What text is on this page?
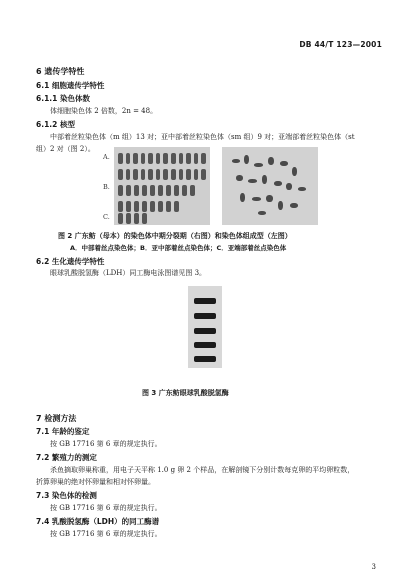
DB 44/T 123—2001
6 遗传学特性
6.1 细胞遗传学特性
6.1.1 染色体数
体细胞染色体 2 倍数，2n = 48。
6.1.2 核型
中部着丝粒染色体（m 组）13 对；亚中部着丝粒染色体（sm 组）9 对；亚端部着丝粒染色体（st
组）2 对（图 2）。
A.
B.
C.
图 2 广东鲂（母本）的染色体中期分裂期（右图）和染色体组成型（左图）
A．中部着丝点染色体；B．亚中部着丝点染色体；C．亚端部着丝点染色体
6.2 生化遗传学特性
眼球乳酸脱氢酶（LDH）同工酶电泳图谱见图 3。
图 3 广东鲂眼球乳酸脱氢酶
7 检测方法
7.1 年龄的鉴定
按 GB 17716 第 6 章的规定执行。
7.2 繁殖力的测定
杀鱼摘取卵巢称重，用电子天平称 1.0 g 卵 2 个样品，在解剖镜下分别计数每克卵的平均卵粒数，
折算卵巢的绝对怀卵量和相对怀卵量。
7.3 染色体的检测
按 GB 17716 第 6 章的规定执行。
7.4 乳酸脱氢酶（LDH）的同工酶谱
按 GB 17716 第 6 章的规定执行。
3
